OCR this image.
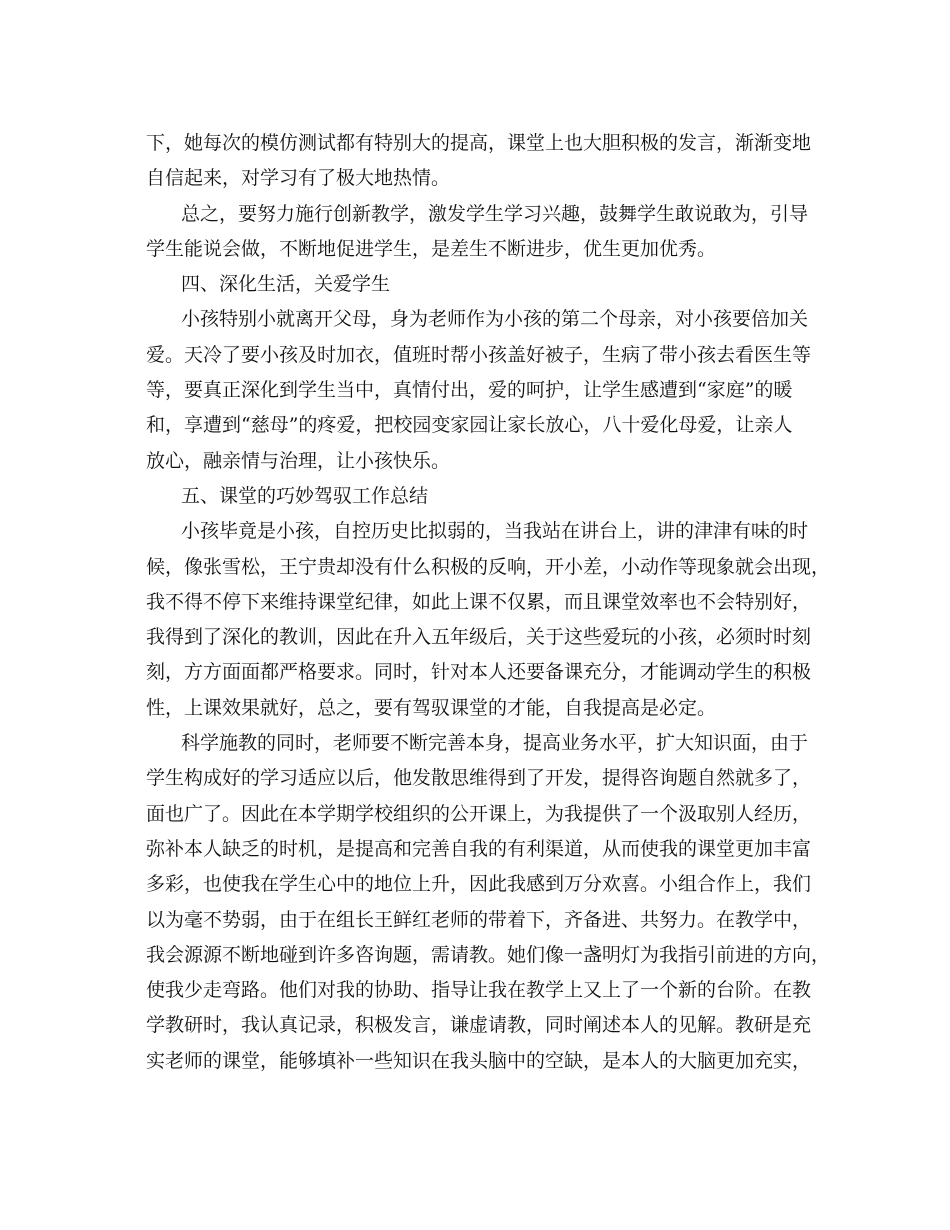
下，她每次的模仿测试都有特别大的提高，课堂上也大胆积极的发言，渐渐变地
自信起来，对学习有了极大地热情。
总之，要努力施行创新教学，激发学生学习兴趣，鼓舞学生敢说敢为，引导
学生能说会做，不断地促进学生，是差生不断进步，优生更加优秀。
四、深化生活，关爱学生
小孩特别小就离开父母，身为老师作为小孩的第二个母亲，对小孩要倍加关
爱。天冷了要小孩及时加衣，值班时帮小孩盖好被子，生病了带小孩去看医生等
等，要真正深化到学生当中，真情付出，爱的呵护，让学生感遭到“家庭”的暖
和，享遭到“慈母”的疼爱，把校园变家园让家长放心，八十爱化母爱，让亲人
放心，融亲情与治理，让小孩快乐。
五、课堂的巧妙驾驭工作总结
小孩毕竟是小孩，自控历史比拟弱的，当我站在讲台上，讲的津津有味的时
候，像张雪松，王宁贵却没有什么积极的反响，开小差，小动作等现象就会出现，
我不得不停下来维持课堂纪律，如此上课不仅累，而且课堂效率也不会特别好，
我得到了深化的教训，因此在升入五年级后，关于这些爱玩的小孩，必须时时刻
刻，方方面面都严格要求。同时，针对本人还要备课充分，才能调动学生的积极
性，上课效果就好，总之，要有驾驭课堂的才能，自我提高是必定。
科学施教的同时，老师要不断完善本身，提高业务水平，扩大知识面，由于
学生构成好的学习适应以后，他发散思维得到了开发，提得咨询题自然就多了，
面也广了。因此在本学期学校组织的公开课上，为我提供了一个汲取别人经历，
弥补本人缺乏的时机，是提高和完善自我的有利渠道，从而使我的课堂更加丰富
多彩，也使我在学生心中的地位上升，因此我感到万分欢喜。小组合作上，我们
以为毫不势弱，由于在组长王鲜红老师的带着下，齐备进、共努力。在教学中，
我会源源不断地碰到许多咨询题，需请教。她们像一盏明灯为我指引前进的方向，
使我少走弯路。他们对我的协助、指导让我在教学上又上了一个新的台阶。在教
学教研时，我认真记录，积极发言，谦虚请教，同时阐述本人的见解。教研是充
实老师的课堂，能够填补一些知识在我头脑中的空缺，是本人的大脑更加充实，
